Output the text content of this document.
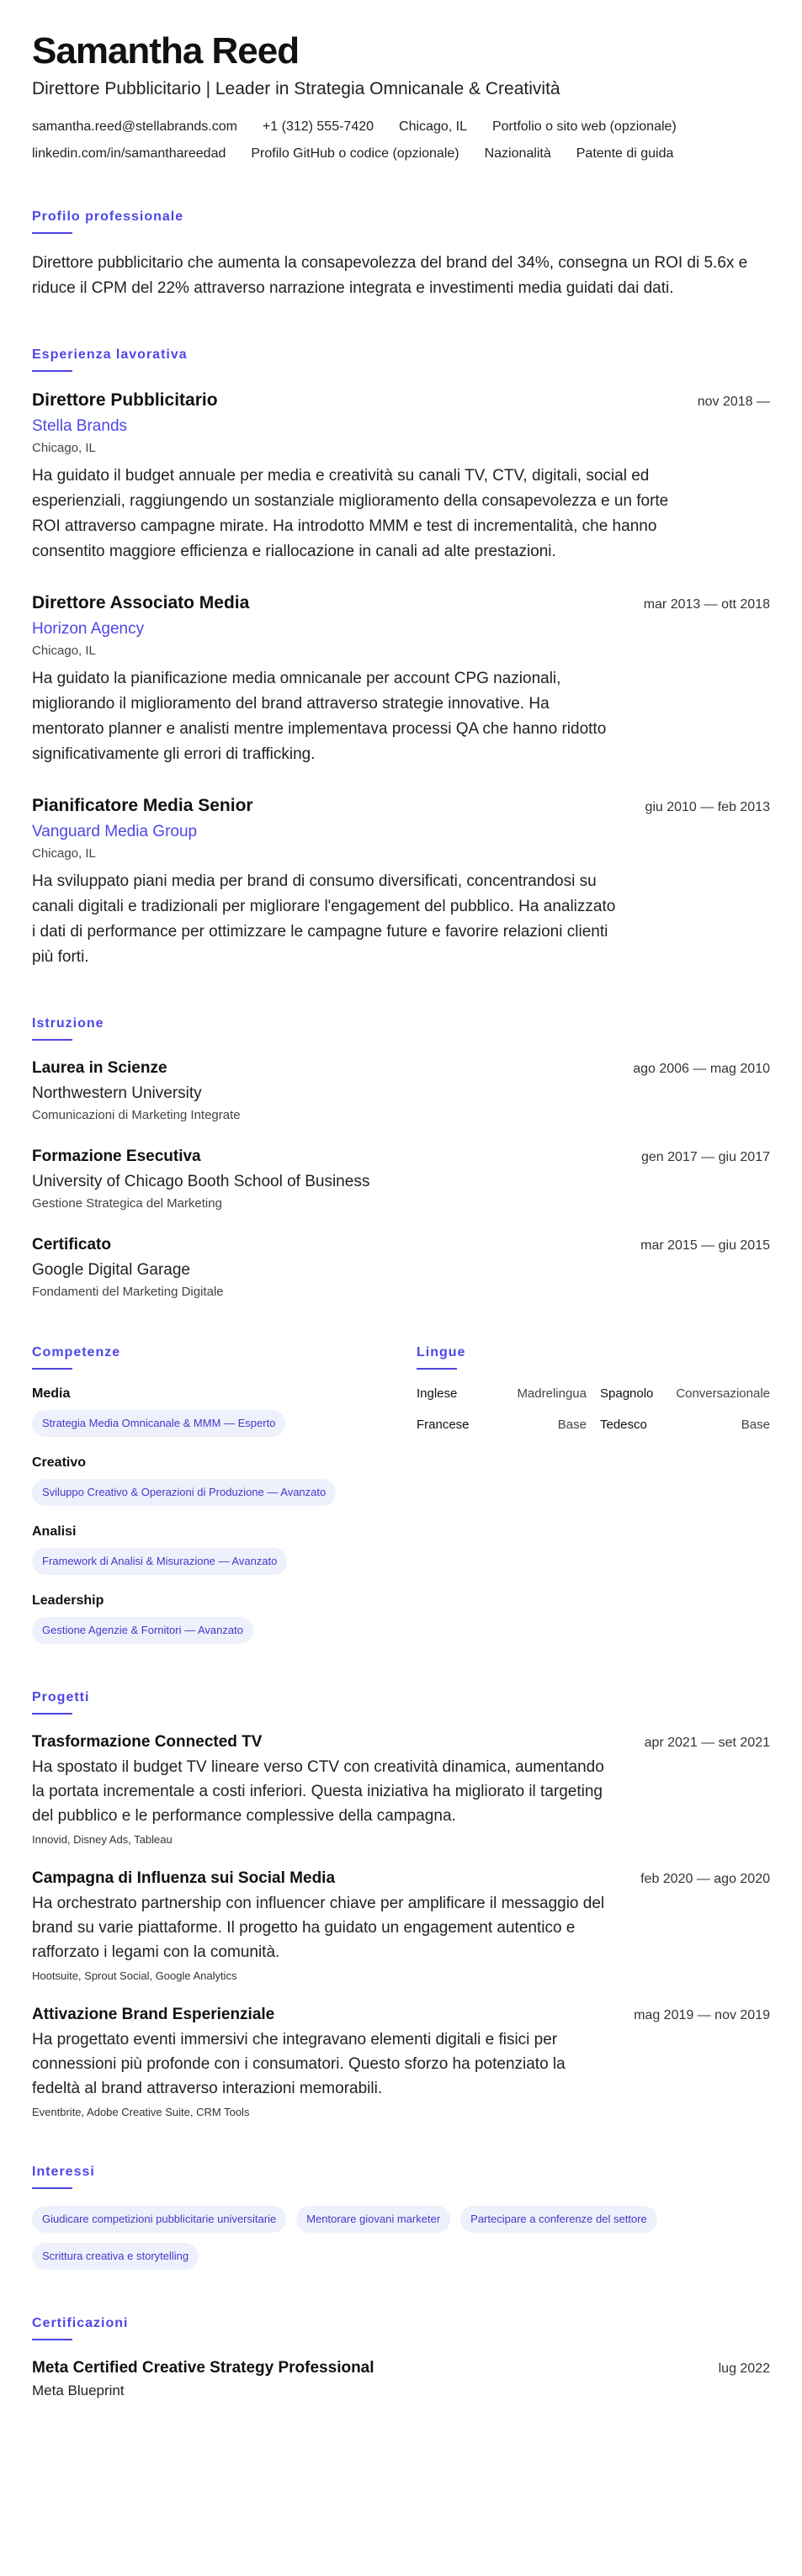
Samantha Reed
Direttore Pubblicitario | Leader in Strategia Omnicanale & Creatività
samantha.reed@stellabrands.com +1 (312) 555-7420 Chicago, IL Portfolio o sito web (opzionale)
linkedin.com/in/samanthareedad Profilo GitHub o codice (opzionale) Nazionalità Patente di guida
Profilo professionale

Direttore pubblicitario che aumenta la consapevolezza del brand del 34%, consegna un ROI di 5.6x e riduce il CPM del 22% attraverso narrazione integrata e investimenti media guidati dai dati.

Esperienza lavorativa
Direttore Pubblicitario	nov 2018 —
Stella Brands
Chicago, IL

Ha guidato il budget annuale per media e creatività su canali TV, CTV, digitali, social ed esperienziali, raggiungendo un sostanziale miglioramento della consapevolezza e un forte ROI attraverso campagne mirate. Ha introdotto MMM e test di incrementalità, che hanno consentito maggiore efficienza e riallocazione in canali ad alte prestazioni.

Direttore Associato Media	mar 2013 — ott 2018
Horizon Agency
Chicago, IL

Ha guidato la pianificazione media omnicanale per account CPG nazionali, migliorando il miglioramento del brand attraverso strategie innovative. Ha mentorato planner e analisti mentre implementava processi QA che hanno ridotto significativamente gli errori di trafficking.

Pianificatore Media Senior	giu 2010 — feb 2013
Vanguard Media Group
Chicago, IL

Ha sviluppato piani media per brand di consumo diversificati, concentrandosi su canali digitali e tradizionali per migliorare l'engagement del pubblico. Ha analizzato i dati di performance per ottimizzare le campagne future e favorire relazioni clienti più forti.

Istruzione
Laurea in Scienze	ago 2006 — mag 2010
Northwestern University
Comunicazioni di Marketing Integrate
Formazione Esecutiva	gen 2017 — giu 2017
University of Chicago Booth School of Business
Gestione Strategica del Marketing
Certificato	mar 2015 — giu 2015
Google Digital Garage
Fondamenti del Marketing Digitale
Competenze
Media
Strategia Media Omnicanale & MMM — Esperto
Creativo
Sviluppo Creativo & Operazioni di Produzione — Avanzato
Analisi
Framework di Analisi & Misurazione — Avanzato
Leadership
Gestione Agenzie & Fornitori — Avanzato
Lingue
Inglese	Madrelingua Spagnolo Conversazionale
Francese	Base Tedesco	Base
Progetti
Trasformazione Connected TV	apr 2021 — set 2021

Ha spostato il budget TV lineare verso CTV con creatività dinamica, aumentando la portata incrementale a costi inferiori. Questa iniziativa ha migliorato il targeting del pubblico e le performance complessive della campagna.

Innovid, Disney Ads, Tableau
Campagna di Influenza sui Social Media	feb 2020 — ago 2020

Ha orchestrato partnership con influencer chiave per amplificare il messaggio del brand su varie piattaforme. Il progetto ha guidato un engagement autentico e rafforzato i legami con la comunità.

Hootsuite, Sprout Social, Google Analytics
Attivazione Brand Esperienziale	mag 2019 — nov 2019

Ha progettato eventi immersivi che integravano elementi digitali e fisici per connessioni più profonde con i consumatori. Questo sforzo ha potenziato la fedeltà al brand attraverso interazioni memorabili.

Eventbrite, Adobe Creative Suite, CRM Tools
Interessi
Giudicare competizioni pubblicitarie universitarie	Mentorare giovani marketer	Partecipare a conferenze del settore
Scrittura creativa e storytelling
Certificazioni
Meta Certified Creative Strategy Professional	lug 2022
Meta Blueprint
